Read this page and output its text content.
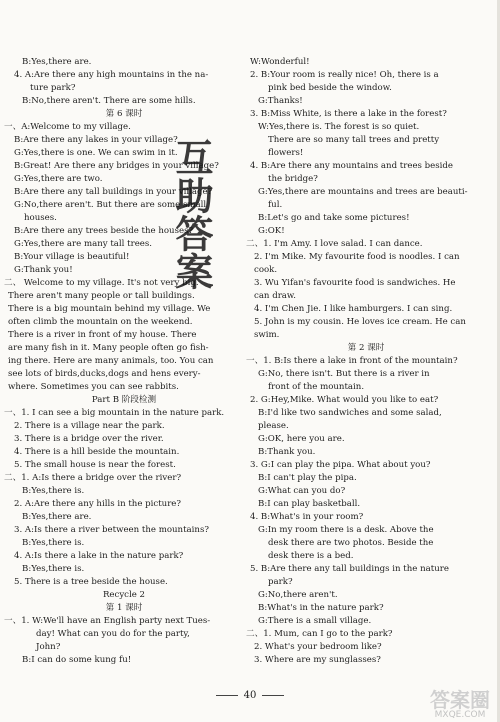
B:Yes,there are.
4. A:Are there any high mountains in the na-
ture park?
B:No,there aren't. There are some hills.
第 6 课时
一、A:Welcome to my village.
B:Are there any lakes in your village?
G:Yes,there is one. We can swim in it.
B:Great! Are there any bridges in your village?
G:Yes,there are two.
B:Are there any tall buildings in your village?
G:No,there aren't. But there are some small
houses.
B:Are there any trees beside the houses?
G:Yes,there are many tall trees.
B:Your village is beautiful!
G:Thank you!
二、 Welcome to my village. It's not very big.
There aren't many people or tall buildings.
There is a big mountain behind my village. We
often climb the mountain on the weekend.
There is a river in front of my house. There
are many fish in it. Many people often go fish-
ing there. Here are many animals, too. You can
see lots of birds,ducks,dogs and hens every-
where. Sometimes you can see rabbits.
Part B 阶段检测
一、1. I can see a big mountain in the nature park.
2. There is a village near the park.
3. There is a bridge over the river.
4. There is a hill beside the mountain.
5. The small house is near the forest.
二、1. A:Is there a bridge over the river?
B:Yes,there is.
2. A:Are there any hills in the picture?
B:Yes,there are.
3. A:Is there a river between the mountains?
B:Yes,there is.
4. A:Is there a lake in the nature park?
B:Yes,there is.
5. There is a tree beside the house.
Recycle 2
第 1 课时
一、1. W:We'll have an English party next Tues-
day! What can you do for the party,
John?
B:I can do some kung fu!
W:Wonderful!
2. B:Your room is really nice! Oh, there is a
pink bed beside the window.
G:Thanks!
3. B:Miss White, is there a lake in the forest?
W:Yes,there is. The forest is so quiet.
There are so many tall trees and pretty
flowers!
4. B:Are there any mountains and trees beside
the bridge?
G:Yes,there are mountains and trees are beauti-
ful.
B:Let's go and take some pictures!
G:OK!
二、1. I'm Amy. I love salad. I can dance.
2. I'm Mike. My favourite food is noodles. I can
cook.
3. Wu Yifan's favourite food is sandwiches. He
can draw.
4. I'm Chen Jie. I like hamburgers. I can sing.
5. John is my cousin. He loves ice cream. He can
swim.
第 2 课时
一、1. B:Is there a lake in front of the mountain?
G:No, there isn't. But there is a river in
front of the mountain.
2. G:Hey,Mike. What would you like to eat?
B:I'd like two sandwiches and some salad,
please.
G:OK, here you are.
B:Thank you.
3. G:I can play the pipa. What about you?
B:I can't play the pipa.
G:What can you do?
B:I can play basketball.
4. B:What's in your room?
G:In my room there is a desk. Above the
desk there are two photos. Beside the
desk there is a bed.
5. B:Are there any tall buildings in the nature
park?
G:No,there aren't.
B:What's in the nature park?
G:There is a small village.
二、1. Mum, can I go to the park?
2. What's your bedroom like?
3. Where are my sunglasses?
互助答案
40	答案圈
MXQE.COM
